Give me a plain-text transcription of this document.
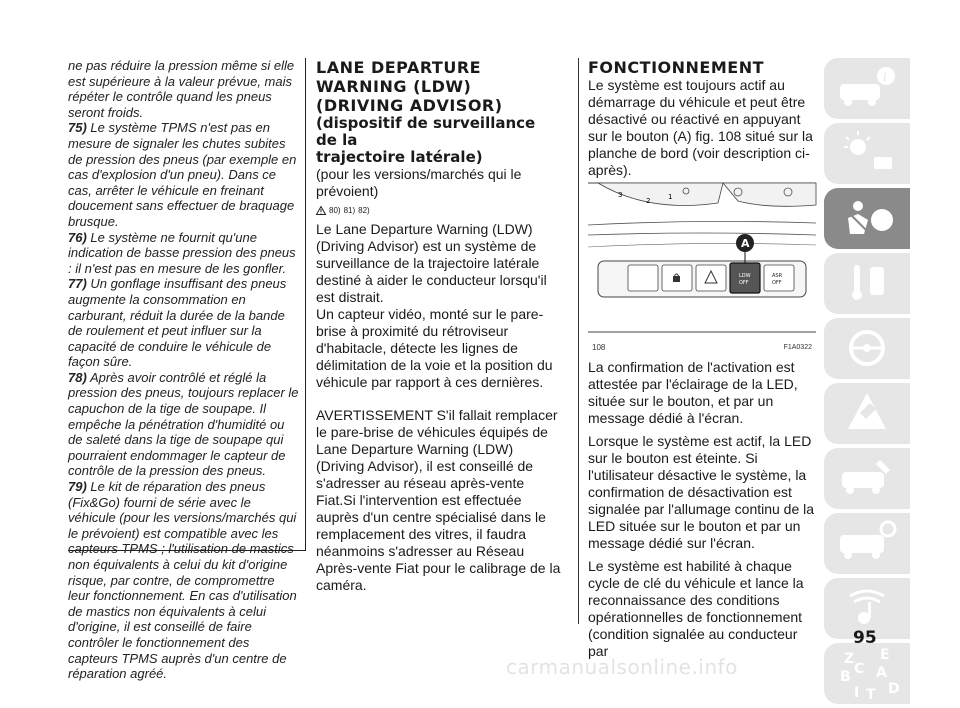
ne pas réduire la pression même si elle est supérieure à la valeur prévue, mais répéter le contrôle quand les pneus seront froids.

75) Le système TPMS n'est pas en mesure de signaler les chutes subites de pression des pneus (par exemple en cas d'explosion d'un pneu). Dans ce cas, arrêter le véhicule en freinant doucement sans effectuer de braquage brusque.

76) Le système ne fournit qu'une indication de basse pression des pneus : il n'est pas en mesure de les gonfler.

77) Un gonflage insuffisant des pneus augmente la consommation en carburant, réduit la durée de la bande de roulement et peut influer sur la capacité de conduire le véhicule de façon sûre.

78) Après avoir contrôlé et réglé la pression des pneus, toujours replacer le capuchon de la tige de soupape. Il empêche la pénétration d'humidité ou de saleté dans la tige de soupape qui pourraient endommager le capteur de contrôle de la pression des pneus.

79) Le kit de réparation des pneus (Fix&Go) fourni de série avec le véhicule (pour les versions/marchés qui le prévoient) est compatible avec les capteurs TPMS ; l'utilisation de mastics non équivalents à celui du kit d'origine risque, par contre, de compromettre leur fonctionnement. En cas d'utilisation de mastics non équivalents à celui d'origine, il est conseillé de faire contrôler le fonctionnement des capteurs TPMS auprès d'un centre de réparation agréé.

LANE DEPARTURE
WARNING (LDW)
(DRIVING ADVISOR)
(dispositif de surveillance de la
trajectoire latérale)

(pour les versions/marchés qui le prévoient)

80) 81) 82)

Le Lane Departure Warning (LDW) (Driving Advisor) est un système de surveillance de la trajectoire latérale destiné à aider le conducteur lorsqu'il est distrait.

Un capteur vidéo, monté sur le pare-brise à proximité du rétroviseur d'habitacle, détecte les lignes de délimitation de la voie et la position du véhicule par rapport à ces dernières.

AVERTISSEMENT S'il fallait remplacer le pare-brise de véhicules équipés de Lane Departure Warning (LDW) (Driving Advisor), il est conseillé de s'adresser au réseau après-vente Fiat.Si l'intervention est effectuée auprès d'un centre spécialisé dans le remplacement des vitres, il faudra néanmoins s'adresser au Réseau Après-vente Fiat pour le calibrage de la caméra.

FONCTIONNEMENT

Le système est toujours actif au démarrage du véhicule et peut être désactivé ou réactivé en appuyant sur le bouton (A) fig. 108 situé sur la planche de bord (voir description ci-après).

3
2	1
LDW
OFF
ASR
OFF
A
108	F1A0322

La confirmation de l'activation est attestée par l'éclairage de la LED, située sur le bouton, et par un message dédié à l'écran.

Lorsque le système est actif, la LED sur le bouton est éteinte. Si l'utilisateur désactive le système, la confirmation de désactivation est signalée par l'allumage continu de la LED située sur le bouton et par un message dédié sur l'écran.

Le système est habilité à chaque cycle de clé du véhicule et lance la reconnaissance des conditions opérationnelles de fonctionnement (condition signalée au conducteur par

i
Z E
B A
I T
C
D
95
carmanualsonline.info
